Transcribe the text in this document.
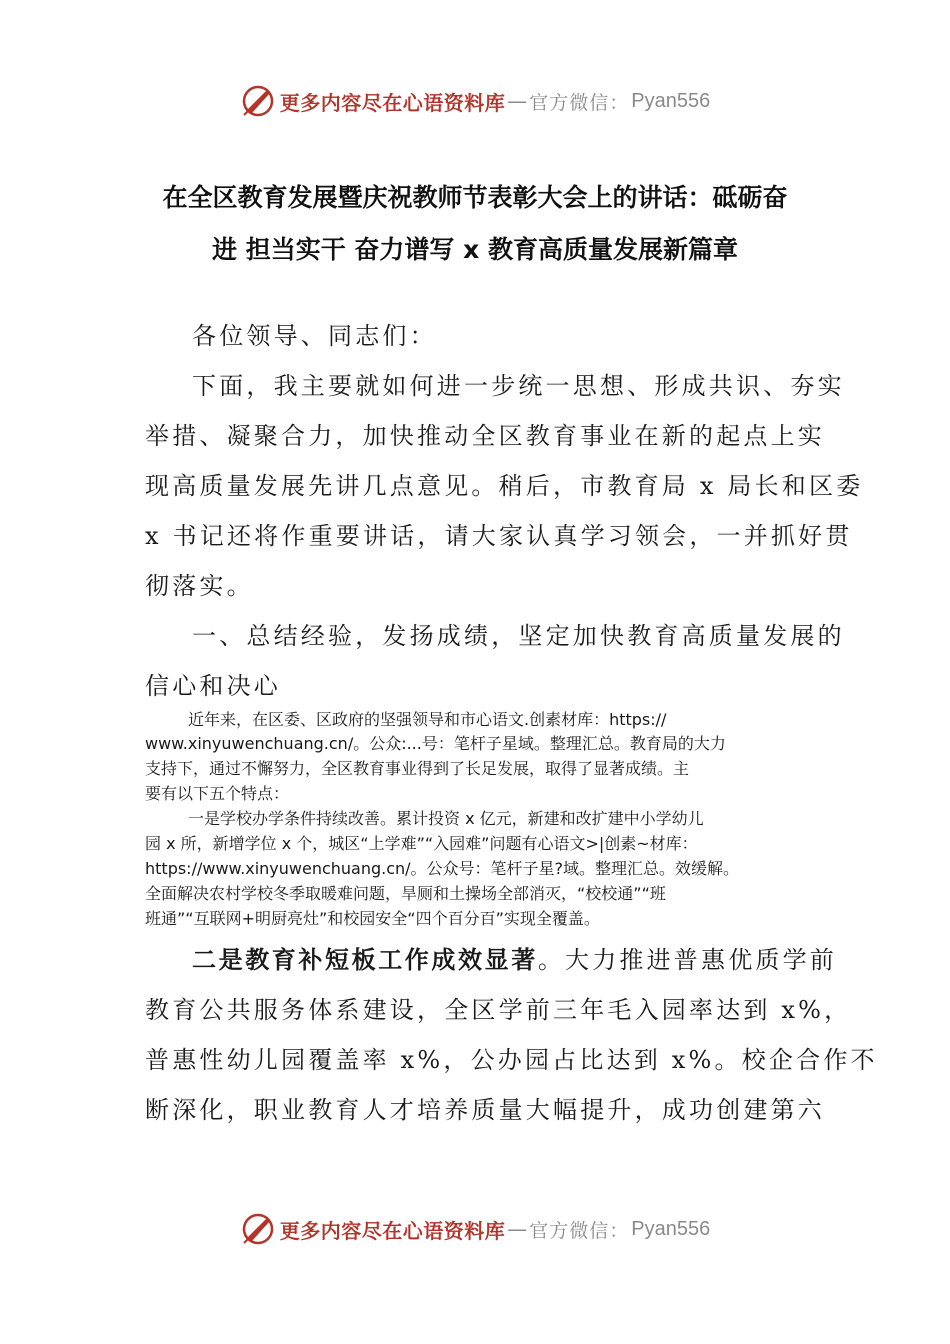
更多内容尽在心语资料库 — 官方微信： Pyan556
在全区教育发展暨庆祝教师节表彰大会上的讲话：砥砺奋
进 担当实干 奋力谱写 x 教育高质量发展新篇章
各位领导、同志们：
下面，我主要就如何进一步统一思想、形成共识、夯实
举措、凝聚合力，加快推动全区教育事业在新的起点上实
现高质量发展先讲几点意见。稍后，市教育局 x 局长和区委
x 书记还将作重要讲话，请大家认真学习领会，一并抓好贯
彻落实。
一、总结经验，发扬成绩，坚定加快教育高质量发展的
信心和决心
近年来，在区委、区政府的坚强领导和市心语文.创素材库：https://
www.xinyuwenchuang.cn/。公众:...号：笔杆子星域。整理汇总。教育局的大力
支持下，通过不懈努力，全区教育事业得到了长足发展，取得了显著成绩。主
要有以下五个特点：
一是学校办学条件持续改善。累计投资 x 亿元，新建和改扩建中小学幼儿
园 x 所，新增学位 x 个，城区“上学难”“入园难”问题有心语文>|创素~材库：
https://www.xinyuwenchuang.cn/。公众号：笔杆子星?域。整理汇总。效缓解。
全面解决农村学校冬季取暖难问题，旱厕和土操场全部消灭，“校校通”“班
班通”“互联网+明厨亮灶”和校园安全“四个百分百”实现全覆盖。
二是教育补短板工作成效显著。大力推进普惠优质学前
教育公共服务体系建设，全区学前三年毛入园率达到 x%，
普惠性幼儿园覆盖率 x%，公办园占比达到 x%。校企合作不
断深化，职业教育人才培养质量大幅提升，成功创建第六
更多内容尽在心语资料库 — 官方微信： Pyan556
